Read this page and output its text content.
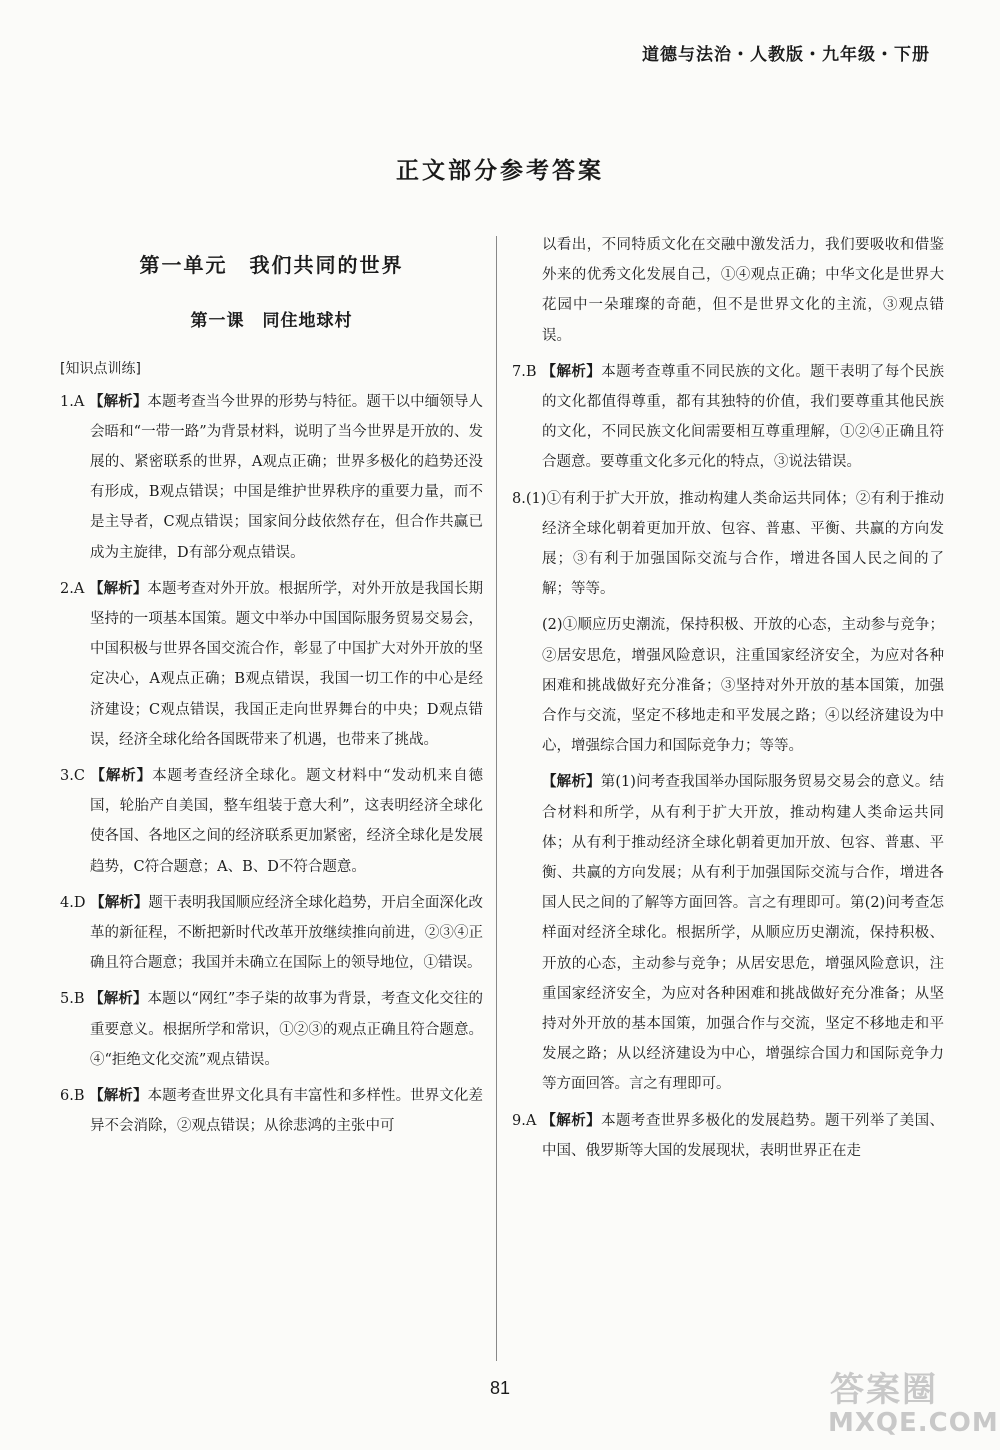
道德与法治・人教版・九年级・下册
正文部分参考答案
第一单元　我们共同的世界
第一课　同住地球村
[知识点训练]

1.A 【解析】本题考查当今世界的形势与特征。题干以中缅领导人会晤和“一带一路”为背景材料，说明了当今世界是开放的、发展的、紧密联系的世界，A观点正确；世界多极化的趋势还没有形成，B观点错误；中国是维护世界秩序的重要力量，而不是主导者，C观点错误；国家间分歧依然存在，但合作共赢已成为主旋律，D有部分观点错误。

2.A 【解析】本题考查对外开放。根据所学，对外开放是我国长期坚持的一项基本国策。题文中举办中国国际服务贸易交易会，中国积极与世界各国交流合作，彰显了中国扩大对外开放的坚定决心，A观点正确；B观点错误，我国一切工作的中心是经济建设；C观点错误，我国正走向世界舞台的中央；D观点错误，经济全球化给各国既带来了机遇，也带来了挑战。

3.C 【解析】本题考查经济全球化。题文材料中“发动机来自德国，轮胎产自美国，整车组装于意大利”，这表明经济全球化使各国、各地区之间的经济联系更加紧密，经济全球化是发展趋势，C符合题意；A、B、D不符合题意。

4.D 【解析】题干表明我国顺应经济全球化趋势，开启全面深化改革的新征程，不断把新时代改革开放继续推向前进，②③④正确且符合题意；我国并未确立在国际上的领导地位，①错误。

5.B 【解析】本题以“网红”李子柒的故事为背景，考查文化交往的重要意义。根据所学和常识，①②③的观点正确且符合题意。④“拒绝文化交流”观点错误。

6.B 【解析】本题考查世界文化具有丰富性和多样性。世界文化差异不会消除，②观点错误；从徐悲鸿的主张中可

以看出，不同特质文化在交融中激发活力，我们要吸收和借鉴外来的优秀文化发展自己，①④观点正确；中华文化是世界大花园中一朵璀璨的奇葩，但不是世界文化的主流，③观点错误。

7.B 【解析】本题考查尊重不同民族的文化。题干表明了每个民族的文化都值得尊重，都有其独特的价值，我们要尊重其他民族的文化，不同民族文化间需要相互尊重理解，①②④正确且符合题意。要尊重文化多元化的特点，③说法错误。

8.(1)①有利于扩大开放，推动构建人类命运共同体；②有利于推动经济全球化朝着更加开放、包容、普惠、平衡、共赢的方向发展；③有利于加强国际交流与合作，增进各国人民之间的了解；等等。

(2)①顺应历史潮流，保持积极、开放的心态，主动参与竞争；②居安思危，增强风险意识，注重国家经济安全，为应对各种困难和挑战做好充分准备；③坚持对外开放的基本国策，加强合作与交流，坚定不移地走和平发展之路；④以经济建设为中心，增强综合国力和国际竞争力；等等。

【解析】第(1)问考查我国举办国际服务贸易交易会的意义。结合材料和所学，从有利于扩大开放，推动构建人类命运共同体；从有利于推动经济全球化朝着更加开放、包容、普惠、平衡、共赢的方向发展；从有利于加强国际交流与合作，增进各国人民之间的了解等方面回答。言之有理即可。第(2)问考查怎样面对经济全球化。根据所学，从顺应历史潮流，保持积极、开放的心态，主动参与竞争；从居安思危，增强风险意识，注重国家经济安全，为应对各种困难和挑战做好充分准备；从坚持对外开放的基本国策，加强合作与交流，坚定不移地走和平发展之路；从以经济建设为中心，增强综合国力和国际竞争力等方面回答。言之有理即可。

9.A 【解析】本题考查世界多极化的发展趋势。题干列举了美国、中国、俄罗斯等大国的发展现状，表明世界正在走

81	答案圈
MXQE.COM
